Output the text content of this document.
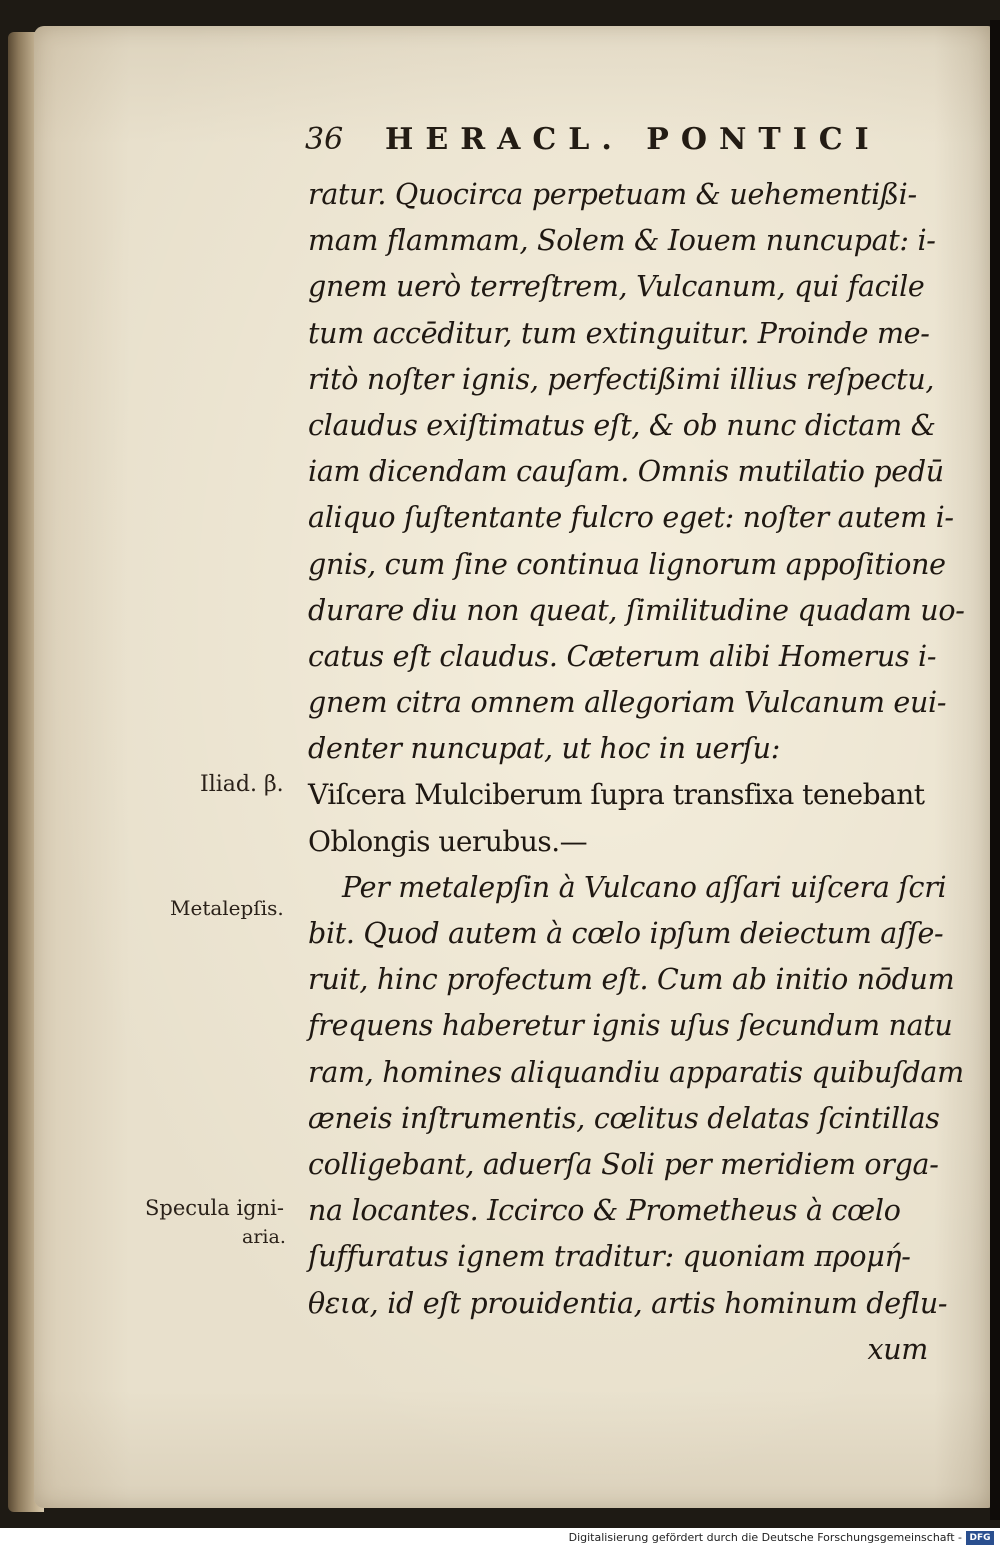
36 HERACL. PONTICI
ratur. Quocirca perpetuam & uehementißi-
mam flammam, Solem & Iouem nuncupat: i-
gnem uerò terreſtrem, Vulcanum, qui facile
tum accēditur, tum extinguitur. Proinde me-
ritò noſter ignis, perfectißimi illius reſpectu,
claudus exiſtimatus eſt, & ob nunc dictam &
iam dicendam cauſam. Omnis mutilatio pedū
aliquo ſuſtentante fulcro eget: noſter autem i-
gnis, cum ſine continua lignorum appoſitione
durare diu non queat, ſimilitudine quadam uo-
catus eſt claudus. Cæterum alibi Homerus i-
gnem citra omnem allegoriam Vulcanum eui-
denter nuncupat, ut hoc in uerſu:
Viſcera Mulciberum ſupra transfixa tenebant
Oblongis uerubus.—
Per metalepſin à Vulcano aſſari uiſcera ſcri
bit. Quod autem à cœlo ipſum deiectum aſſe-
ruit, hinc profectum eſt. Cum ab initio nōdum
frequens haberetur ignis uſus ſecundum natu
ram, homines aliquandiu apparatis quibuſdam
æneis inſtrumentis, cœlitus delatas ſcintillas
colligebant, aduerſa Soli per meridiem orga-
na locantes. Iccirco & Prometheus à cœlo
ſuffuratus ignem traditur: quoniam προμή-
θεια, id eſt prouidentia, artis hominum deflu-
xum
Iliad. β.
Metalepſis.
Specula igni-
aria.
Digitalisierung gefördert durch die Deutsche Forschungsgemeinschaft - DFG
